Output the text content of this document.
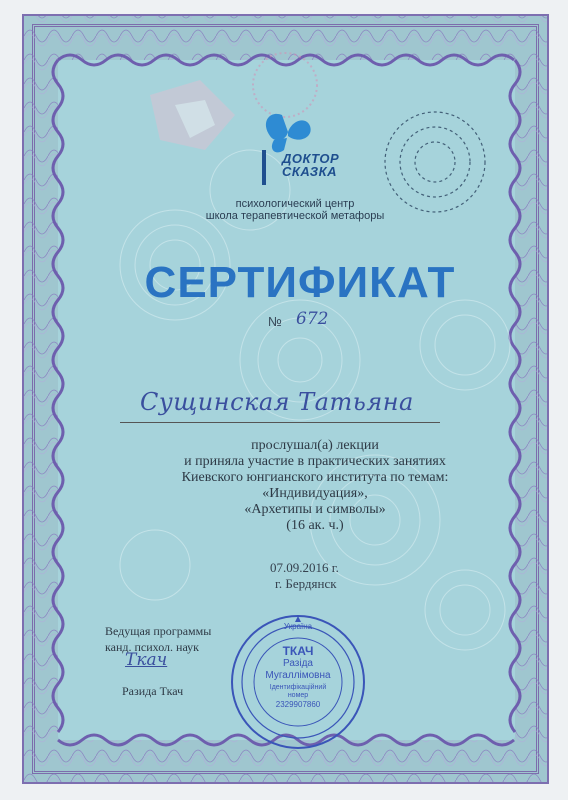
ДОКТОР
СКАЗКА
психологический центр
школа терапевтической метафоры
СЕРТИФИКАТ
№ 672
Сущинская Татьяна
прослушал(а) лекции
и приняла участие в практических занятиях
Киевского юнгианского института по темам:
«Индивидуация»,
«Архетипы и символы»
(16 ак. ч.)
07.09.2016 г.
г. Бердянск
Ведущая программы
канд. психол. наук
Ткач
Разида Ткач
Україна
ТКАЧ
Разіда
Мугаллімовна
Ідентифікаційний
номер
2329907860
